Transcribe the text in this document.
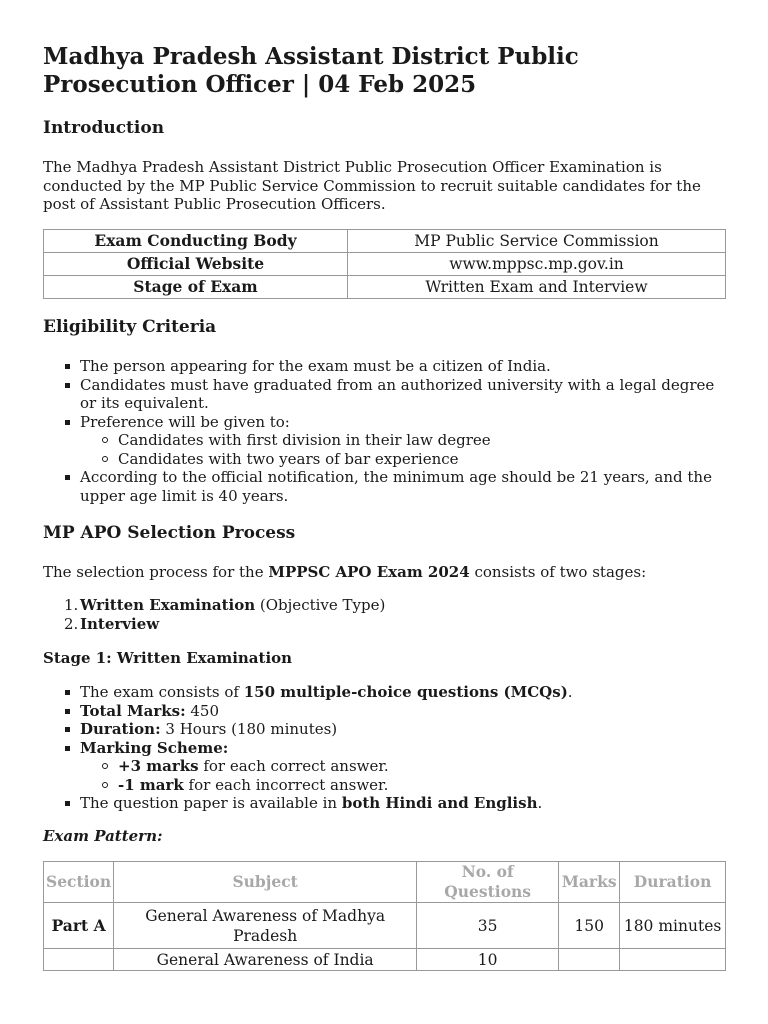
Madhya Pradesh Assistant District Public Prosecution Officer | 04 Feb 2025
Introduction

The Madhya Pradesh Assistant District Public Prosecution Officer Examination is conducted by the MP Public Service Commission to recruit suitable candidates for the post of Assistant Public Prosecution Officers.

Exam Conducting Body	MP Public Service Commission
Official Website	www.mppsc.mp.gov.in
Stage of Exam	Written Exam and Interview
Eligibility Criteria
The person appearing for the exam must be a citizen of India.
Candidates must have graduated from an authorized university with a legal degree or its equivalent.
Preference will be given to:
Candidates with first division in their law degree
Candidates with two years of bar experience
According to the official notification, the minimum age should be 21 years, and the upper age limit is 40 years.
MP APO Selection Process

The selection process for the MPPSC APO Exam 2024 consists of two stages:

1. Written Examination (Objective Type)
2. Interview
Stage 1: Written Examination
The exam consists of 150 multiple-choice questions (MCQs).
Total Marks: 450
Duration: 3 Hours (180 minutes)
Marking Scheme:
+3 marks for each correct answer.
-1 mark for each incorrect answer.
The question paper is available in both Hindi and English.
Exam Pattern:
Section	Subject	No. of Questions	Marks	Duration
Part A	General Awareness of Madhya Pradesh	35	150	180 minutes
	General Awareness of India	10		
